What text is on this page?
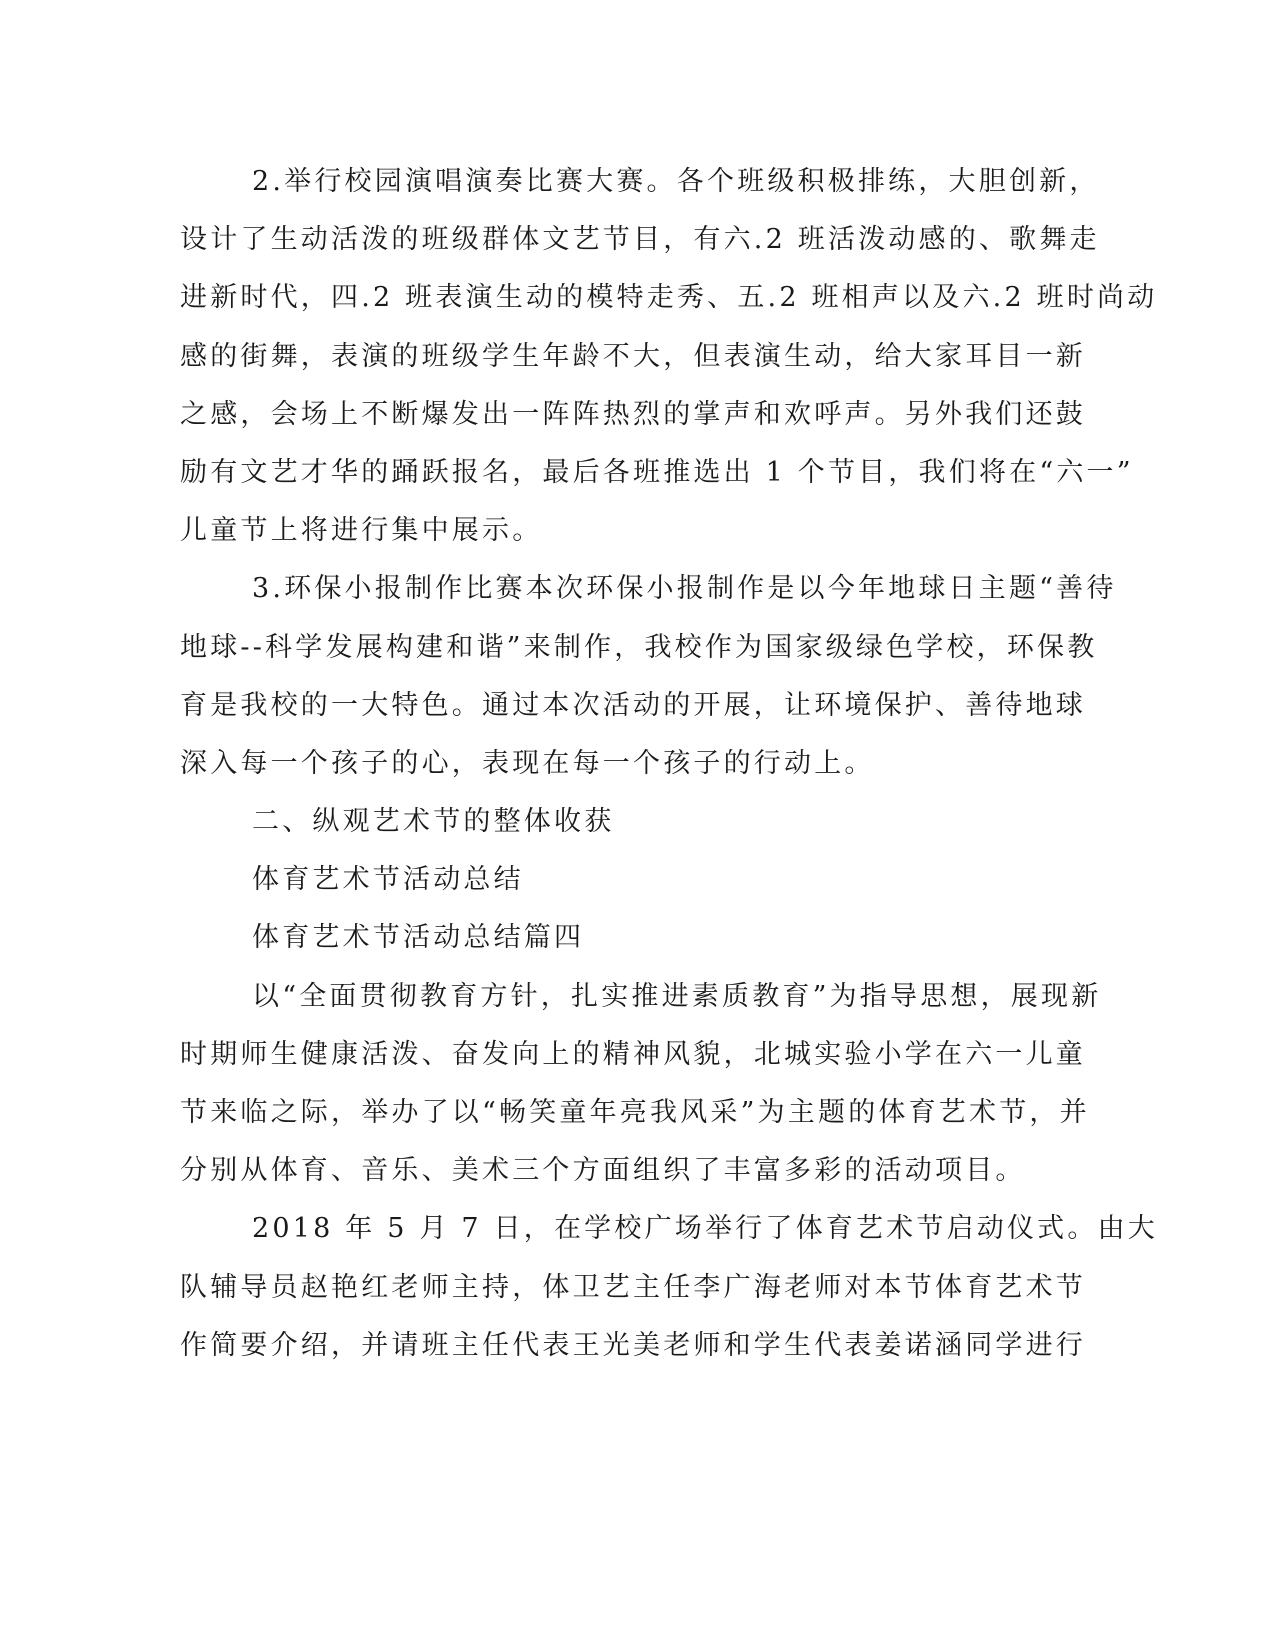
2.举行校园演唱演奏比赛大赛。各个班级积极排练，大胆创新，
设计了生动活泼的班级群体文艺节目，有六.2 班活泼动感的、歌舞走
进新时代，四.2 班表演生动的模特走秀、五.2 班相声以及六.2 班时尚动
感的街舞，表演的班级学生年龄不大，但表演生动，给大家耳目一新
之感，会场上不断爆发出一阵阵热烈的掌声和欢呼声。另外我们还鼓
励有文艺才华的踊跃报名，最后各班推选出 1 个节目，我们将在“六一”
儿童节上将进行集中展示。
3.环保小报制作比赛本次环保小报制作是以今年地球日主题“善待
地球--科学发展构建和谐”来制作，我校作为国家级绿色学校，环保教
育是我校的一大特色。通过本次活动的开展，让环境保护、善待地球
深入每一个孩子的心，表现在每一个孩子的行动上。
二、纵观艺术节的整体收获
体育艺术节活动总结
体育艺术节活动总结篇四
以“全面贯彻教育方针，扎实推进素质教育”为指导思想，展现新
时期师生健康活泼、奋发向上的精神风貌，北城实验小学在六一儿童
节来临之际，举办了以“畅笑童年亮我风采”为主题的体育艺术节，并
分别从体育、音乐、美术三个方面组织了丰富多彩的活动项目。
2018 年 5 月 7 日，在学校广场举行了体育艺术节启动仪式。由大
队辅导员赵艳红老师主持，体卫艺主任李广海老师对本节体育艺术节
作简要介绍，并请班主任代表王光美老师和学生代表姜诺涵同学进行
